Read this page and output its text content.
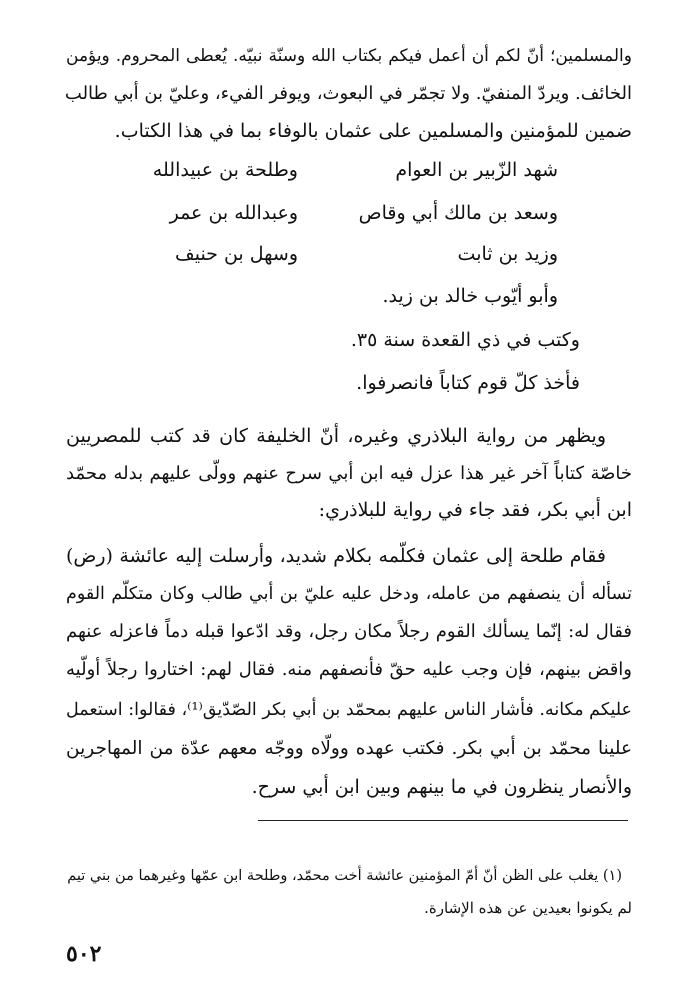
والمسلمين؛ أنّ لكم أن أعمل فيكم بكتاب الله وسنّة نبيّه. يُعطى المحروم. ويؤمن
الخائف. ويردّ المنفيّ. ولا تجمّر في البعوث، ويوفر الفيء، وعليّ بن أبي طالب
ضمين للمؤمنين والمسلمين على عثمان بالوفاء بما في هذا الكتاب.
شهد الزّبير بن العوام
وطلحة بن عبيدالله
وسعد بن مالك أبي وقاص
وعبدالله بن عمر
وزيد بن ثابت
وسهل بن حنيف
وأبو أيّوب خالد بن زيد.
وكتب في ذي القعدة سنة ٣٥.
فأخذ كلّ قوم كتاباً فانصرفوا.
ويظهر من رواية البلاذري وغيره، أنّ الخليفة كان قد كتب للمصريين
خاصّة كتاباً آخر غير هذا عزل فيه ابن أبي سرح عنهم وولّى عليهم بدله محمّد
ابن أبي بكر، فقد جاء في رواية للبلاذري:
فقام طلحة إلى عثمان فكلّمه بكلام شديد، وأرسلت إليه عائشة (رض)
تسأله أن ينصفهم من عامله، ودخل عليه عليّ بن أبي طالب وكان متكلّم القوم
فقال له: إنّما يسألك القوم رجلاً مكان رجل، وقد ادّعوا قبله دماً فاعزله عنهم
واقض بينهم، فإن وجب عليه حقّ فأنصفهم منه. فقال لهم: اختاروا رجلاً أولّيه
عليكم مكانه. فأشار الناس عليهم بمحمّد بن أبي بكر الصّدّيق⁽¹⁾، فقالوا: استعمل
علينا محمّد بن أبي بكر. فكتب عهده وولّاه ووجّه معهم عدّة من المهاجرين
والأنصار ينظرون في ما بينهم وبين ابن أبي سرح.
(١) يغلب على الظن أنّ أمّ المؤمنين عائشة أخت محمّد، وطلحة ابن عمّها وغيرهما من بني تيم
لم يكونوا بعيدين عن هذه الإشارة.
٥٠٢
